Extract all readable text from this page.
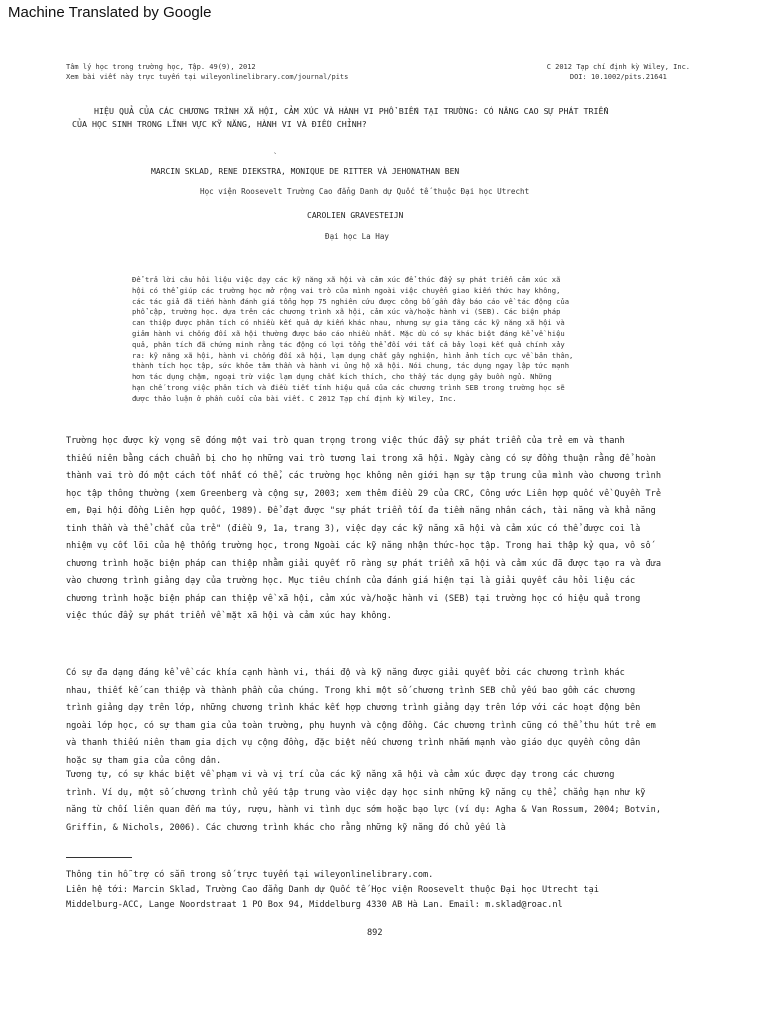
Machine Translated by Google
Tâm lý học trong trường học, Tập. 49(9), 2012
Xem bài viết này trực tuyến tại wileyonlinelibrary.com/journal/pits
C 2012 Tạp chí định kỳ Wiley, Inc.
DOI: 10.1002/pits.21641
HIỆU QUẢ CỦA CÁC CHƯƠNG TRÌNH XÃ HỘI, CẢM XÚC VÀ HÀNH VI PHỔ BIẾN TẠI TRƯỜNG: CÓ NÂNG CAO SỰ PHÁT TRIỂN
CỦA HỌC SINH TRONG LĨNH VỰC KỸ NĂNG, HÀNH VI VÀ ĐIỀU CHỈNH?
`
MARCIN SKLAD, RENE DIEKSTRA, MONIQUE DE RITTER VÀ JEHONATHAN BEN
Học viện Roosevelt Trường Cao đẳng Danh dự Quốc tế thuộc Đại học Utrecht
CAROLIEN GRAVESTEIJN
Đại học La Hay

Để trả lời câu hỏi liệu việc dạy các kỹ năng xã hội và cảm xúc để thúc đẩy sự phát triển cảm xúc xã
hội có thể giúp các trường học mở rộng vai trò của mình ngoài việc chuyển giao kiến thức hay không,
các tác giả đã tiến hành đánh giá tổng hợp 75 nghiên cứu được công bố gần đây báo cáo về tác động của
phổ cập, trường học. dựa trên các chương trình xã hội, cảm xúc và/hoặc hành vi (SEB). Các biện pháp
can thiệp được phân tích có nhiều kết quả dự kiến khác nhau, nhưng sự gia tăng các kỹ năng xã hội và
giảm hành vi chống đối xã hội thường được báo cáo nhiều nhất. Mặc dù có sự khác biệt đáng kể về hiệu
quả, phân tích đã chứng minh rằng tác động có lợi tổng thể đối với tất cả bảy loại kết quả chính xảy
ra: kỹ năng xã hội, hành vi chống đối xã hội, lạm dụng chất gây nghiện, hình ảnh tích cực về bản thân,
thành tích học tập, sức khỏe tâm thần và hành vi ủng hộ xã hội. Nói chung, tác dụng ngay lập tức mạnh
hơn tác dụng chậm, ngoại trừ việc lạm dụng chất kích thích, cho thấy tác dụng gây buồn ngủ. Những
hạn chế trong việc phân tích và điều tiết tính hiệu quả của các chương trình SEB trong trường học sẽ
được thảo luận ở phần cuối của bài viết. C 2012 Tạp chí định kỳ Wiley, Inc.

Trường học được kỳ vọng sẽ đóng một vai trò quan trọng trong việc thúc đẩy sự phát triển của trẻ em và thanh
thiếu niên bằng cách chuẩn bị cho họ những vai trò tương lai trong xã hội. Ngày càng có sự đồng thuận rằng để hoàn
thành vai trò đó một cách tốt nhất có thể, các trường học không nên giới hạn sự tập trung của mình vào chương trình
học tập thông thường (xem Greenberg và cộng sự, 2003; xem thêm điều 29 của CRC, Công ước Liên hợp quốc về Quyền Trẻ
em, Đại hội đồng Liên hợp quốc, 1989). Để đạt được "sự phát triển tối đa tiềm năng nhân cách, tài năng và khả năng
tinh thần và thể chất của trẻ" (điều 9, 1a, trang 3), việc dạy các kỹ năng xã hội và cảm xúc có thể được coi là
nhiệm vụ cốt lõi của hệ thống trường học, trong Ngoài các kỹ năng nhận thức-học tập. Trong hai thập kỷ qua, vô số
chương trình hoặc biện pháp can thiệp nhằm giải quyết rõ ràng sự phát triển xã hội và cảm xúc đã được tạo ra và đưa
vào chương trình giảng dạy của trường học. Mục tiêu chính của đánh giá hiện tại là giải quyết câu hỏi liệu các
chương trình hoặc biện pháp can thiệp về xã hội, cảm xúc và/hoặc hành vi (SEB) tại trường học có hiệu quả trong
việc thúc đẩy sự phát triển về mặt xã hội và cảm xúc hay không.

Có sự đa dạng đáng kể về các khía cạnh hành vi, thái độ và kỹ năng được giải quyết bởi các chương trình khác
nhau, thiết kế can thiệp và thành phần của chúng. Trong khi một số chương trình SEB chủ yếu bao gồm các chương
trình giảng dạy trên lớp, những chương trình khác kết hợp chương trình giảng dạy trên lớp với các hoạt động bên
ngoài lớp học, có sự tham gia của toàn trường, phụ huynh và cộng đồng. Các chương trình cũng có thể thu hút trẻ em
và thanh thiếu niên tham gia dịch vụ cộng đồng, đặc biệt nếu chương trình nhắm mạnh vào giáo dục quyền công dân
hoặc sự tham gia của công dân.

Tương tự, có sự khác biệt về phạm vi và vị trí của các kỹ năng xã hội và cảm xúc được dạy trong các chương
trình. Ví dụ, một số chương trình chủ yếu tập trung vào việc dạy học sinh những kỹ năng cụ thể, chẳng hạn như kỹ
năng từ chối liên quan đến ma túy, rượu, hành vi tình dục sớm hoặc bạo lực (ví dụ: Agha & Van Rossum, 2004; Botvin,
Griffin, & Nichols, 2006). Các chương trình khác cho rằng những kỹ năng đó chủ yếu là

Thông tin hỗ trợ có sẵn trong số trực tuyến tại wileyonlinelibrary.com.

Liên hệ tới: Marcin Sklad, Trường Cao đẳng Danh dự Quốc tế Học viện Roosevelt thuộc Đại học Utrecht tại
Middelburg-ACC, Lange Noordstraat 1 PO Box 94, Middelburg 4330 AB Hà Lan. Email: m.sklad@roac.nl

892
